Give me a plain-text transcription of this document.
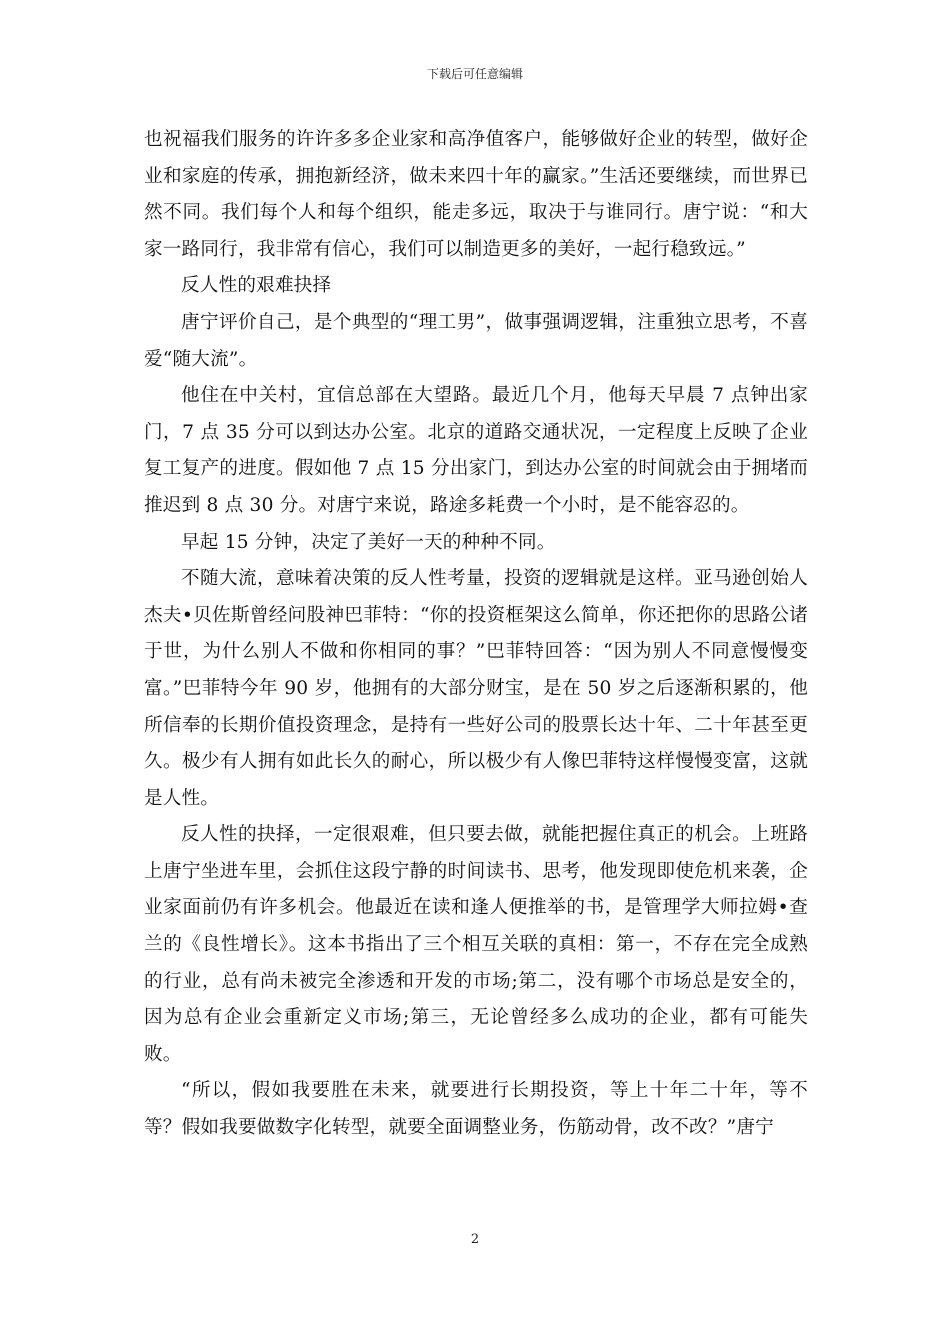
下载后可任意编辑

也祝福我们服务的许许多多企业家和高净值客户，能够做好企业的转型，做好企业和家庭的传承，拥抱新经济，做未来四十年的赢家。”生活还要继续，而世界已然不同。我们每个人和每个组织，能走多远，取决于与谁同行。唐宁说：“和大家一路同行，我非常有信心，我们可以制造更多的美好，一起行稳致远。”

反人性的艰难抉择

唐宁评价自己，是个典型的“理工男”，做事强调逻辑，注重独立思考，不喜爱“随大流”。

他住在中关村，宜信总部在大望路。最近几个月，他每天早晨 7 点钟出家门，7 点 35 分可以到达办公室。北京的道路交通状况，一定程度上反映了企业复工复产的进度。假如他 7 点 15 分出家门，到达办公室的时间就会由于拥堵而推迟到 8 点 30 分。对唐宁来说，路途多耗费一个小时，是不能容忍的。

早起 15 分钟，决定了美好一天的种种不同。

不随大流，意味着决策的反人性考量，投资的逻辑就是这样。亚马逊创始人杰夫•贝佐斯曾经问股神巴菲特：“你的投资框架这么简单，你还把你的思路公诸于世，为什么别人不做和你相同的事？”巴菲特回答：“因为别人不同意慢慢变富。”巴菲特今年 90 岁，他拥有的大部分财宝，是在 50 岁之后逐渐积累的，他所信奉的长期价值投资理念，是持有一些好公司的股票长达十年、二十年甚至更久。极少有人拥有如此长久的耐心，所以极少有人像巴菲特这样慢慢变富，这就是人性。

反人性的抉择，一定很艰难，但只要去做，就能把握住真正的机会。上班路上唐宁坐进车里，会抓住这段宁静的时间读书、思考，他发现即使危机来袭，企业家面前仍有许多机会。他最近在读和逢人便推举的书，是管理学大师拉姆•查兰的《良性增长》。这本书指出了三个相互关联的真相：第一，不存在完全成熟的行业，总有尚未被完全渗透和开发的市场;第二，没有哪个市场总是安全的，因为总有企业会重新定义市场;第三，无论曾经多么成功的企业，都有可能失败。

“所以，假如我要胜在未来，就要进行长期投资，等上十年二十年，等不等？假如我要做数字化转型，就要全面调整业务，伤筋动骨，改不改？”唐宁

2
